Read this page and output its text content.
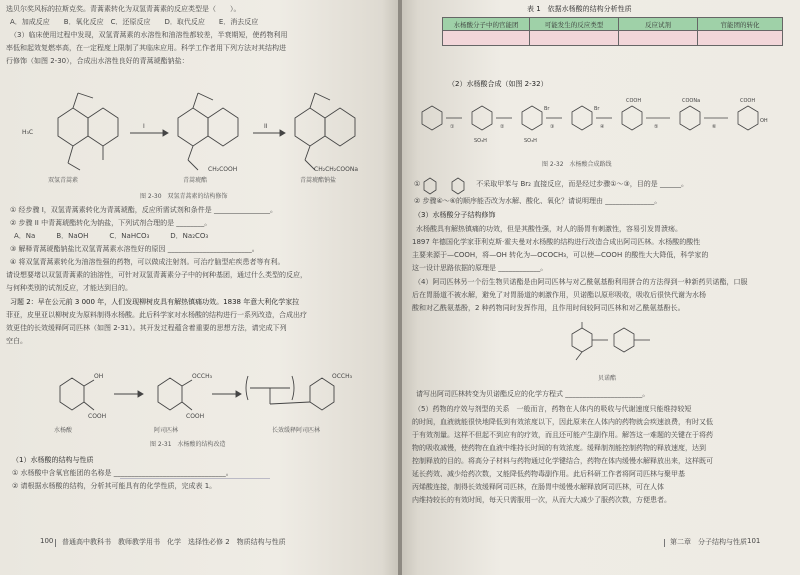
选贝尔奖风标的拉斯克奖。青蒿素转化为双氢青蒿素的反应类型是（　　）。
A．加成反应　　B．氧化反应　C．还原反应　　D．取代反应　　E．消去反应
（3）临床使用过程中发现，双氢青蒿素的水溶性和油溶性都较差，半衰期短，使药物利用
率低和起效复燃率高，在一定程度上限制了其临床应用。科学工作者用下列方法对其结构进
行修饰（如图 2-30），合成出水溶性良好的青蒿琥酯钠盐：
H₃C
双氢青蒿素
I
CH₂COOH
青蒿琥酯
II
CH₂CH₂COONa
青蒿琥酯钠盐
图 2-30　双氢青蒿素的结构修饰
① 经步骤 I，双氢青蒿素转化为青蒿琥酯，反应所需试剂和条件是 ________________。
② 步骤 II 中青蒿琥酯转化为钠盐，下列试剂合理的是 ________。
A．Na　　　B．NaOH　　　C．NaHCO₃　　　D．Na₂CO₃
③ 解释青蒿琥酯钠盐比双氢青蒿素水溶性好的原因 ________________________。
④ 将双氢青蒿素转化为油溶性强的药物，可以做成注射剂。可治疗脑型疟疾患者等有利。
请设想要堵以双氢青蒿素的油溶性，可针对双氢青蒿素分子中的何种基团，通过什么类型的反应，
与何种类别的试剂反应，才能达到目的。
习题 2：早在公元前 3 000 年，人们发现柳树皮具有解热镇痛功效。1838 年意大利化学家拉
菲亚，皮里亚以柳树皮为原料制得水杨酸。此后科学家对水杨酸的结构进行一系列改造，合成出疗
效更佳的长效缓释阿司匹林（如图 2-31）。其开发过程蕴含着重要的思想方法，请完成下列
空白。
OH
COOH
水杨酸
OCCH₃
COOH
阿司匹林
OCCH₃
长效缓释阿司匹林
图 2-31　水杨酸的结构改造
（1）水杨酸的结构与性质
① 水杨酸中含氧官能团的名称是 ________________________________。
② 请根据水杨酸的结构，分析其可能具有的化学性质，完成表 1。
100 普通高中教科书　教师教学用书　化学　选择性必修 2　物质结构与性质
表 1　依据水杨酸的结构分析性质
水杨酸分子中的官能团	可能发生的反应类型	反应试剂	官能团的转化

（2）水杨酸合成（如图 2-32）
①	②	③	④	⑤	⑥
SO₃H	SO₃H
Br	Br
COOH	COONa	COOH
OH
图 2-32　水杨酸合成路线
①　　　　　　　　不采取甲苯与 Br₂ 直接反应，而是经过步骤①～③，目的是 ______。
② 步骤④～⑥的顺序能否改为水解、酸化、氧化？请说明理由 ______________。
（3）水杨酸分子结构修饰
水杨酸具有解热镇痛的功效，但是其酸性强，对人的肠胃有刺激性，容易引发胃溃疡。
1897 年德国化学家菲利克斯·霍夫曼对水杨酸的结构进行改造合成出阿司匹林。水杨酸的酸性
主要来源于—COOH，将—OH 转化为—OCOCH₃，可以使—COOH 的酸性大大降低，科学家的
这一设计思路依据的原理是 ____________。
（4）阿司匹林另一个衍生物贝诺酯是由阿司匹林与对乙酰氨基酚利用拼合的方法得到一种新药贝诺酯，口服
后在胃肠道不被水解，避免了对胃肠道的刺激作用，贝诺酯以原形吸收，吸收后很快代谢为水杨
酸和对乙酰氨基酚，2 种药物同时发挥作用，且作用时间较阿司匹林和对乙酰氨基酚长。
贝诺酯
请写出阿司匹林转变为贝诺酯反应的化学方程式 ______________________。
（5）药物的疗效与剂型的关系　一般而言，药物在人体内的吸收与代谢速度只能维持较短
的时间，血液就能很快地降低到有效浓度以下，因此原来在人体内的药物就会疾速浪费，有时又低
于有效剂量。这样不但起不到应有的疗效，而且还可能产生副作用。解答这一难题的关键在于将药
物的吸收减慢，使药物在血液中维持长时间的有效浓度。缓释制剂能控制药物的释放速度，达到
控制释放的目的。将高分子材料与药物通过化学键结合，药物在体内缓慢水解释放出来，这样既可
延长药效、减少给药次数，又能降低药物毒副作用。此后科研工作者将阿司匹林与聚甲基
丙烯酸连接，制得长效缓释阿司匹林，在肠胃中缓慢水解释放阿司匹林，可在人体
内维持较长的有效时间，每天只需服用一次，从而大大减少了服药次数，方便患者。
第二章　分子结构与性质 101
